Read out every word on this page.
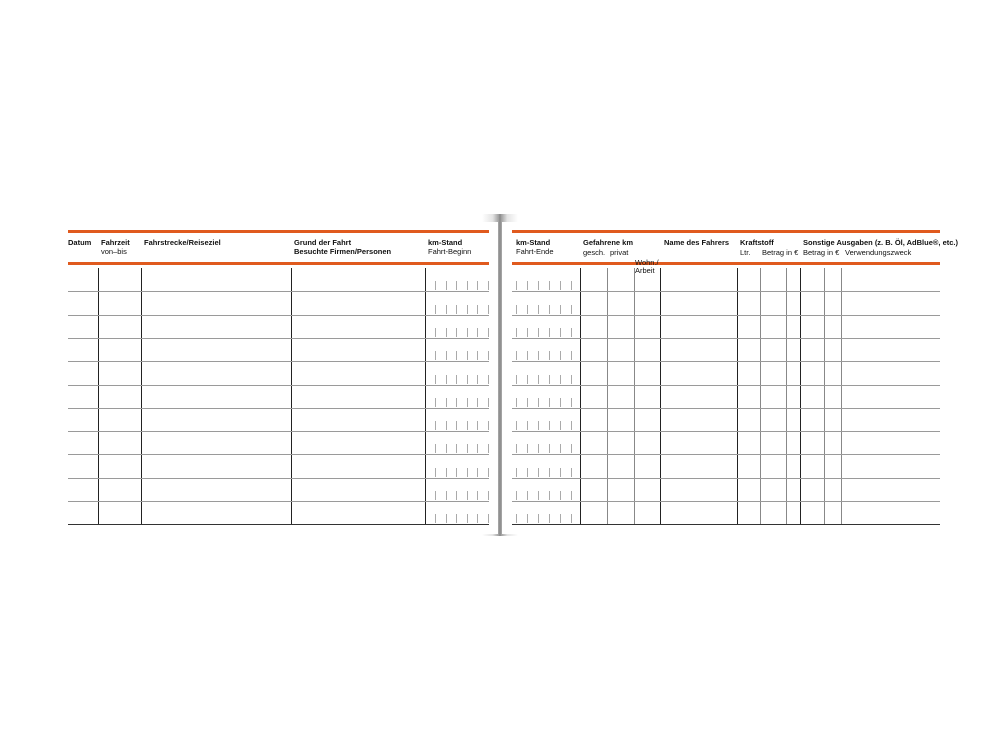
Datum Fahrzeit
von–bis
Fahrstrecke/Reiseziel	Grund der Fahrt
Besuchte Firmen/Personen
km-Stand
Fahrt-Beginn
km-Stand
Fahrt-Ende
Gefahrene km
gesch. privat

Wohn./
Arbeit

Name des Fahrers Kraftstoff
Ltr. Betrag in €
Sonstige Ausgaben (z. B. Öl, AdBlue®, etc.)
Betrag in € Verwendungszweck
